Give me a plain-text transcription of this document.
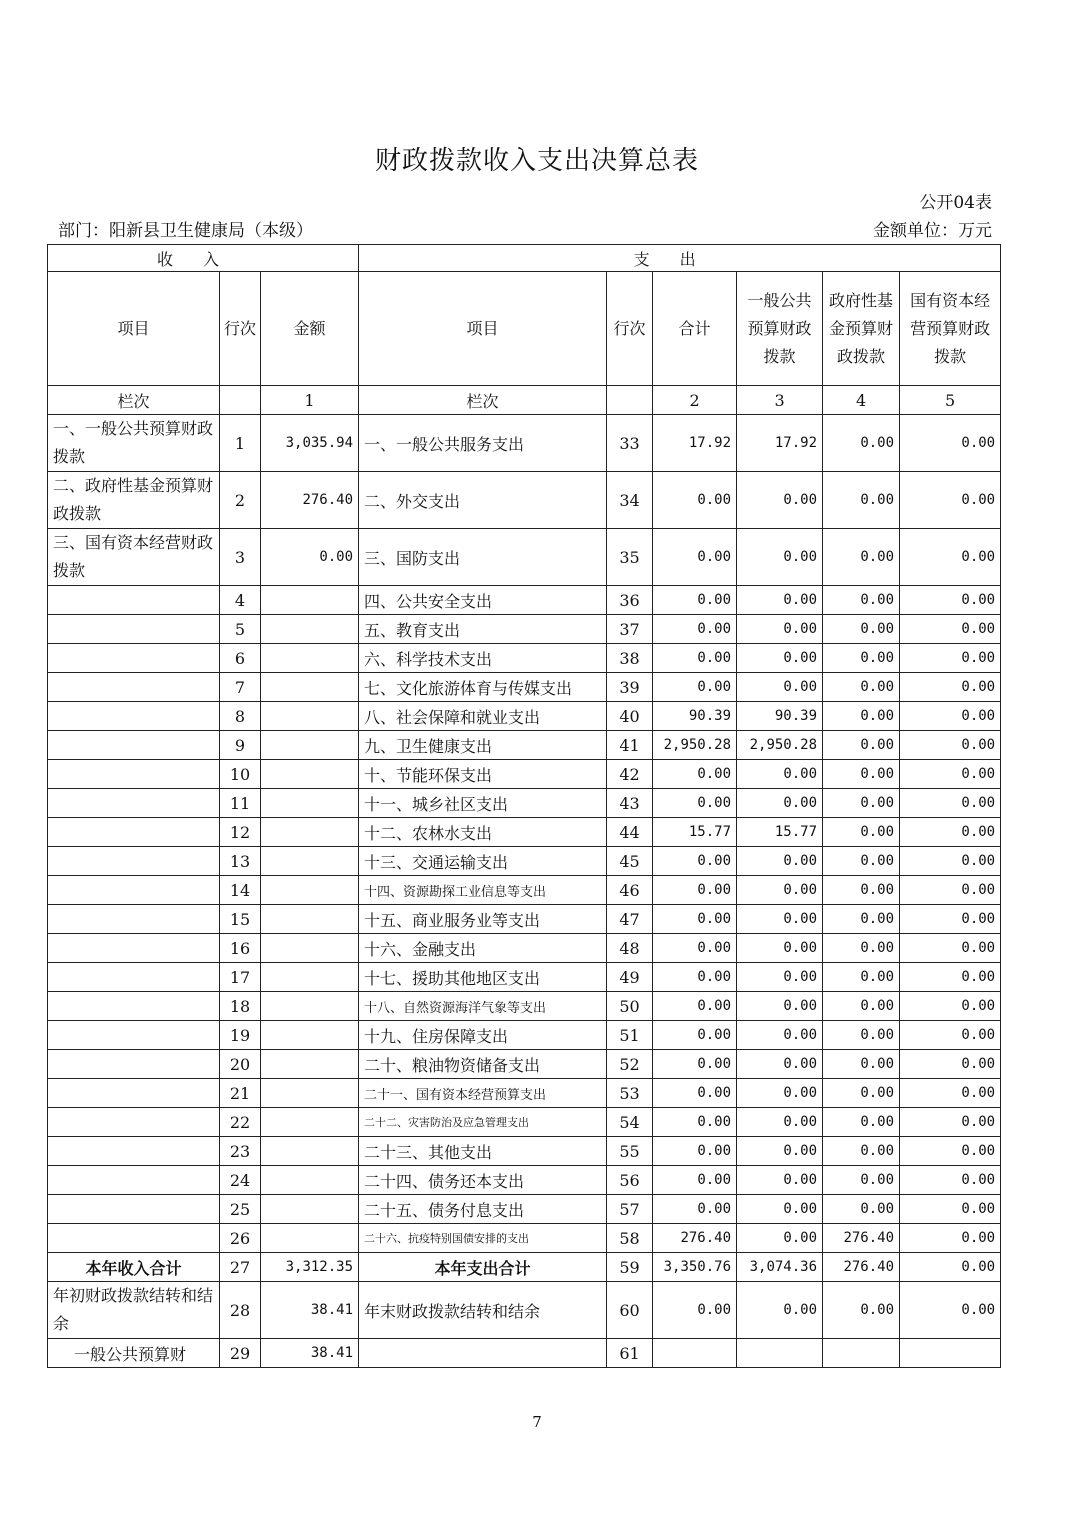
财政拨款收入支出决算总表
公开04表
部门：阳新县卫生健康局（本级）	金额单位：万元
收入			支出					
项目	行次	金额	项目	行次	合计	一般公共预算财政拨款	政府性基金预算财政拨款	国有资本经营预算财政拨款
栏次		1	栏次		2	3	4	5
一、一般公共预算财政拨款	1	3,035.94	一、一般公共服务支出	33	17.92	17.92	0.00	0.00
二、政府性基金预算财政拨款	2	276.40	二、外交支出	34	0.00	0.00	0.00	0.00
三、国有资本经营财政拨款	3	0.00	三、国防支出	35	0.00	0.00	0.00	0.00
	4		四、公共安全支出	36	0.00	0.00	0.00	0.00
	5		五、教育支出	37	0.00	0.00	0.00	0.00
	6		六、科学技术支出	38	0.00	0.00	0.00	0.00
	7		七、文化旅游体育与传媒支出	39	0.00	0.00	0.00	0.00
	8		八、社会保障和就业支出	40	90.39	90.39	0.00	0.00
	9		九、卫生健康支出	41	2,950.28	2,950.28	0.00	0.00
	10		十、节能环保支出	42	0.00	0.00	0.00	0.00
	11		十一、城乡社区支出	43	0.00	0.00	0.00	0.00
	12		十二、农林水支出	44	15.77	15.77	0.00	0.00
	13		十三、交通运输支出	45	0.00	0.00	0.00	0.00
	14		十四、资源勘探工业信息等支出	46	0.00	0.00	0.00	0.00
	15		十五、商业服务业等支出	47	0.00	0.00	0.00	0.00
	16		十六、金融支出	48	0.00	0.00	0.00	0.00
	17		十七、援助其他地区支出	49	0.00	0.00	0.00	0.00
	18		十八、自然资源海洋气象等支出	50	0.00	0.00	0.00	0.00
	19		十九、住房保障支出	51	0.00	0.00	0.00	0.00
	20		二十、粮油物资储备支出	52	0.00	0.00	0.00	0.00
	21		二十一、国有资本经营预算支出	53	0.00	0.00	0.00	0.00
	22		二十二、灾害防治及应急管理支出	54	0.00	0.00	0.00	0.00
	23		二十三、其他支出	55	0.00	0.00	0.00	0.00
	24		二十四、债务还本支出	56	0.00	0.00	0.00	0.00
	25		二十五、债务付息支出	57	0.00	0.00	0.00	0.00
	26		二十六、抗疫特别国债安排的支出	58	276.40	0.00	276.40	0.00
本年收入合计	27	3,312.35	本年支出合计	59	3,350.76	3,074.36	276.40	0.00
年初财政拨款结转和结余	28	38.41	年末财政拨款结转和结余	60	0.00	0.00	0.00	0.00
一般公共预算财	29	38.41		61				
7
